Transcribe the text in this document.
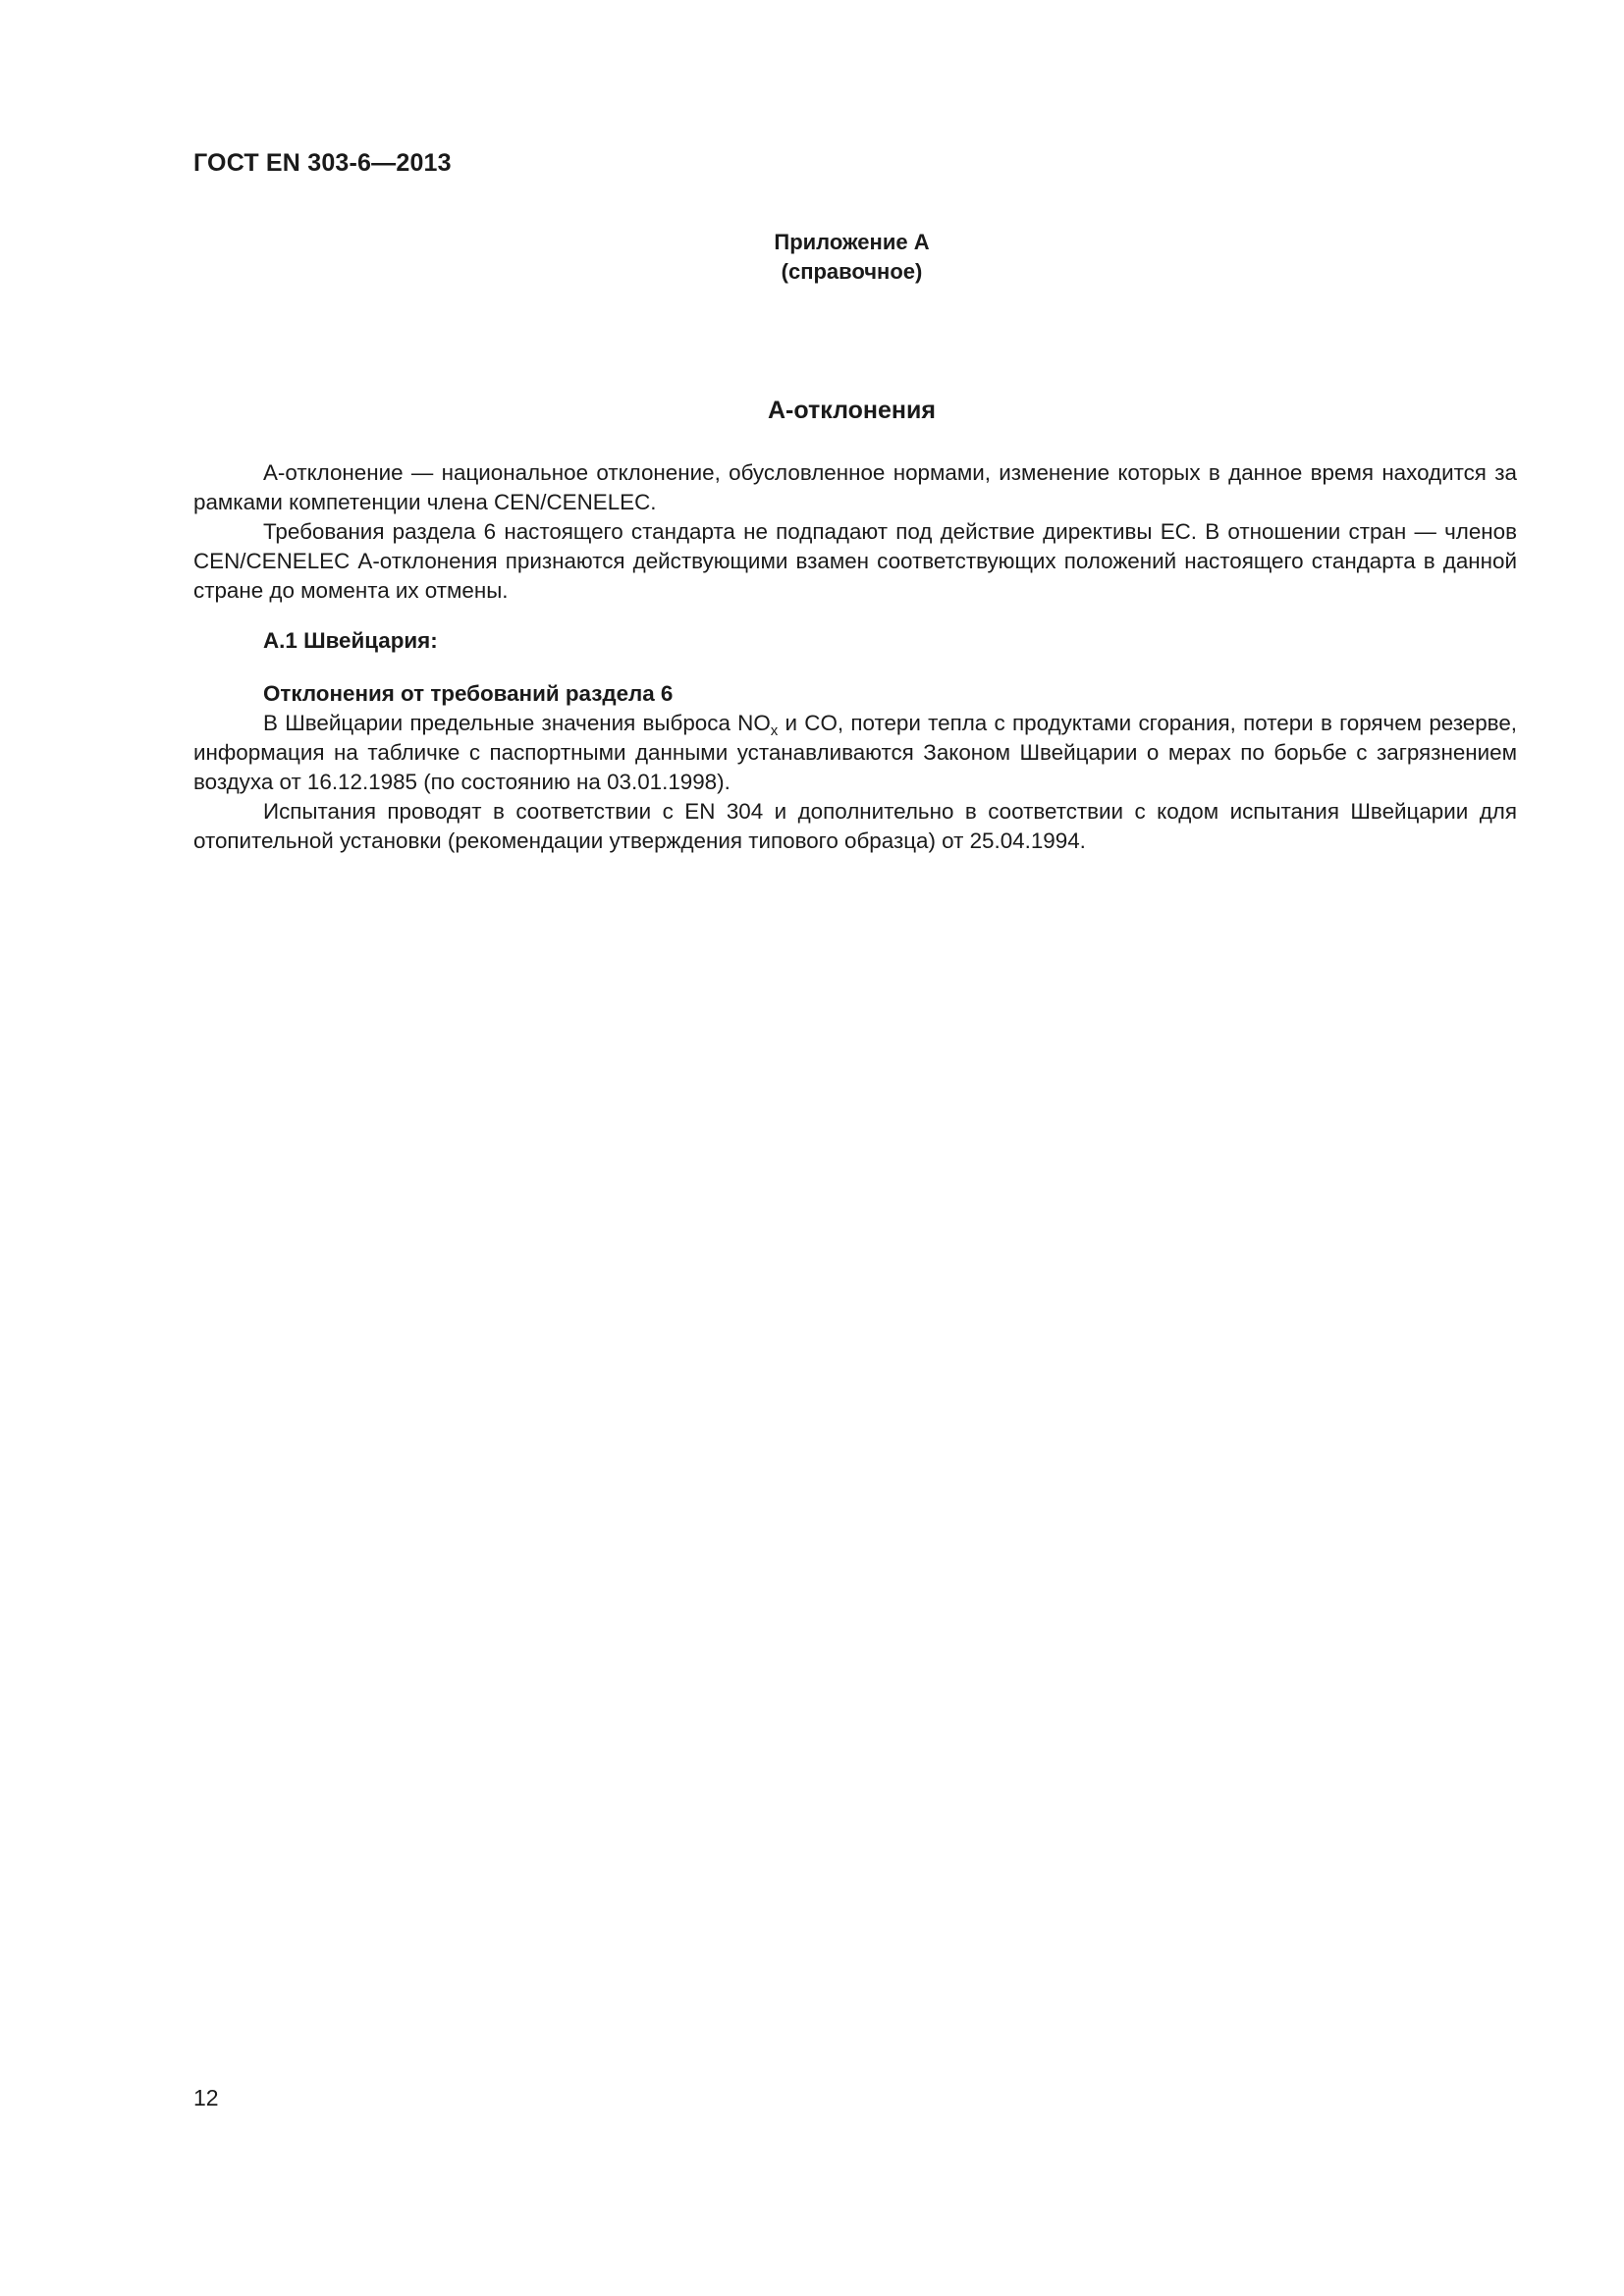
ГОСТ EN 303-6—2013
Приложение А
(справочное)
А-отклонения

А-отклонение — национальное отклонение, обусловленное нормами, изменение которых в данное время находится за рамками компетенции члена CEN/CENELEC.

Требования раздела 6 настоящего стандарта не подпадают под действие директивы ЕС. В отношении стран — членов CEN/CENELEC А-отклонения признаются действующими взамен соответствующих положений настоящего стандарта в данной стране до момента их отмены.

А.1 Швейцария:

Отклонения от требований раздела 6

В Швейцарии предельные значения выброса $NO_x$ и CO, потери тепла с продуктами сгорания, потери в горячем резерве, информация на табличке с паспортными данными устанавливаются Законом Швейцарии о мерах по борьбе с загрязнением воздуха от 16.12.1985 (по состоянию на 03.01.1998).

Испытания проводят в соответствии с EN 304 и дополнительно в соответствии с кодом испытания Швейцарии для отопительной установки (рекомендации утверждения типового образца) от 25.04.1994.

12
